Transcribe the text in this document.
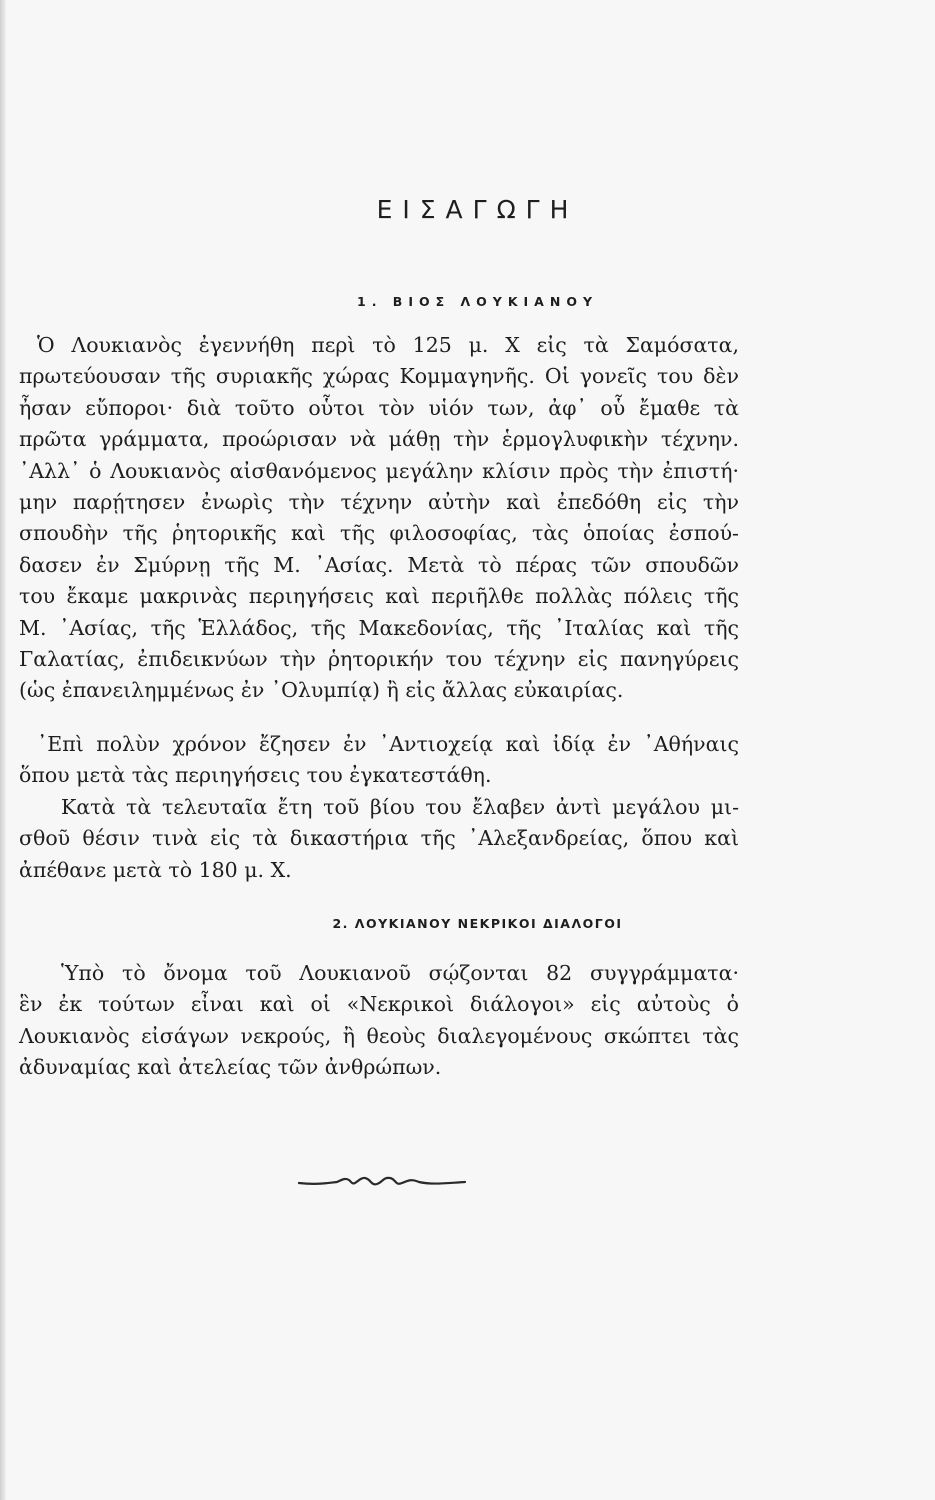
ΕΙΣΑΓΩΓΗ
1. ΒΙΟΣ ΛΟΥΚΙΑΝΟΥ
Ὁ Λουκιανὸς ἐγεννήθη περὶ τὸ 125 μ. Χ εἰς τὰ Σαμόσατα,
πρωτεύουσαν τῆς συριακῆς χώρας Κομμαγηνῆς. Οἱ γονεῖς του δὲν
ἦσαν εὔποροι· διὰ τοῦτο οὗτοι τὸν υἱόν των, ἀφ᾽ οὗ ἔμαθε τὰ
πρῶτα γράμματα, προώρισαν νὰ μάθῃ τὴν ἑρμογλυφικὴν τέχνην.
᾽Αλλ᾽ ὁ Λουκιανὸς αἰσθανόμενος μεγάλην κλίσιν πρὸς τὴν ἐπιστή·
μην παρῄτησεν ἐνωρὶς τὴν τέχνην αὐτὴν καὶ ἐπεδόθη εἰς τὴν
σπουδὴν τῆς ῥητορικῆς καὶ τῆς φιλοσοφίας, τὰς ὁποίας ἐσπού-
δασεν ἐν Σμύρνῃ τῆς Μ. ᾽Ασίας. Μετὰ τὸ πέρας τῶν σπουδῶν
του ἔκαμε μακρινὰς περιηγήσεις καὶ περιῆλθε πολλὰς πόλεις τῆς
Μ. ᾽Ασίας, τῆς Ἑλλάδος, τῆς Μακεδονίας, τῆς ᾽Ιταλίας καὶ τῆς
Γαλατίας, ἐπιδεικνύων τὴν ῥητορικήν του τέχνην εἰς πανηγύρεις
(ὡς ἐπανειλημμένως ἐν ᾽Ολυμπίᾳ) ἢ εἰς ἄλλας εὐκαιρίας.
᾽Επὶ πολὺν χρόνον ἔζησεν ἐν ᾽Αντιοχείᾳ καὶ ἰδίᾳ ἐν ᾽Αθήναις
ὅπου μετὰ τὰς περιηγήσεις του ἐγκατεστάθη.
Κατὰ τὰ τελευταῖα ἔτη τοῦ βίου του ἔλαβεν ἀντὶ μεγάλου μι-
σθοῦ θέσιν τινὰ εἰς τὰ δικαστήρια τῆς ᾽Αλεξανδρείας, ὅπου καὶ
ἀπέθανε μετὰ τὸ 180 μ. Χ.
2. ΛΟΥΚΙΑΝΟΥ ΝΕΚΡΙΚΟΙ ΔΙΑΛΟΓΟΙ
Ὑπὸ τὸ ὄνομα τοῦ Λουκιανοῦ σῴζονται 82 συγγράμματα·
ἓν ἐκ τούτων εἶναι καὶ οἱ «Νεκρικοὶ διάλογοι» εἰς αὐτοὺς ὁ
Λουκιανὸς εἰσάγων νεκρούς, ἢ θεοὺς διαλεγομένους σκώπτει τὰς
ἀδυναμίας καὶ ἀτελείας τῶν ἀνθρώπων.
